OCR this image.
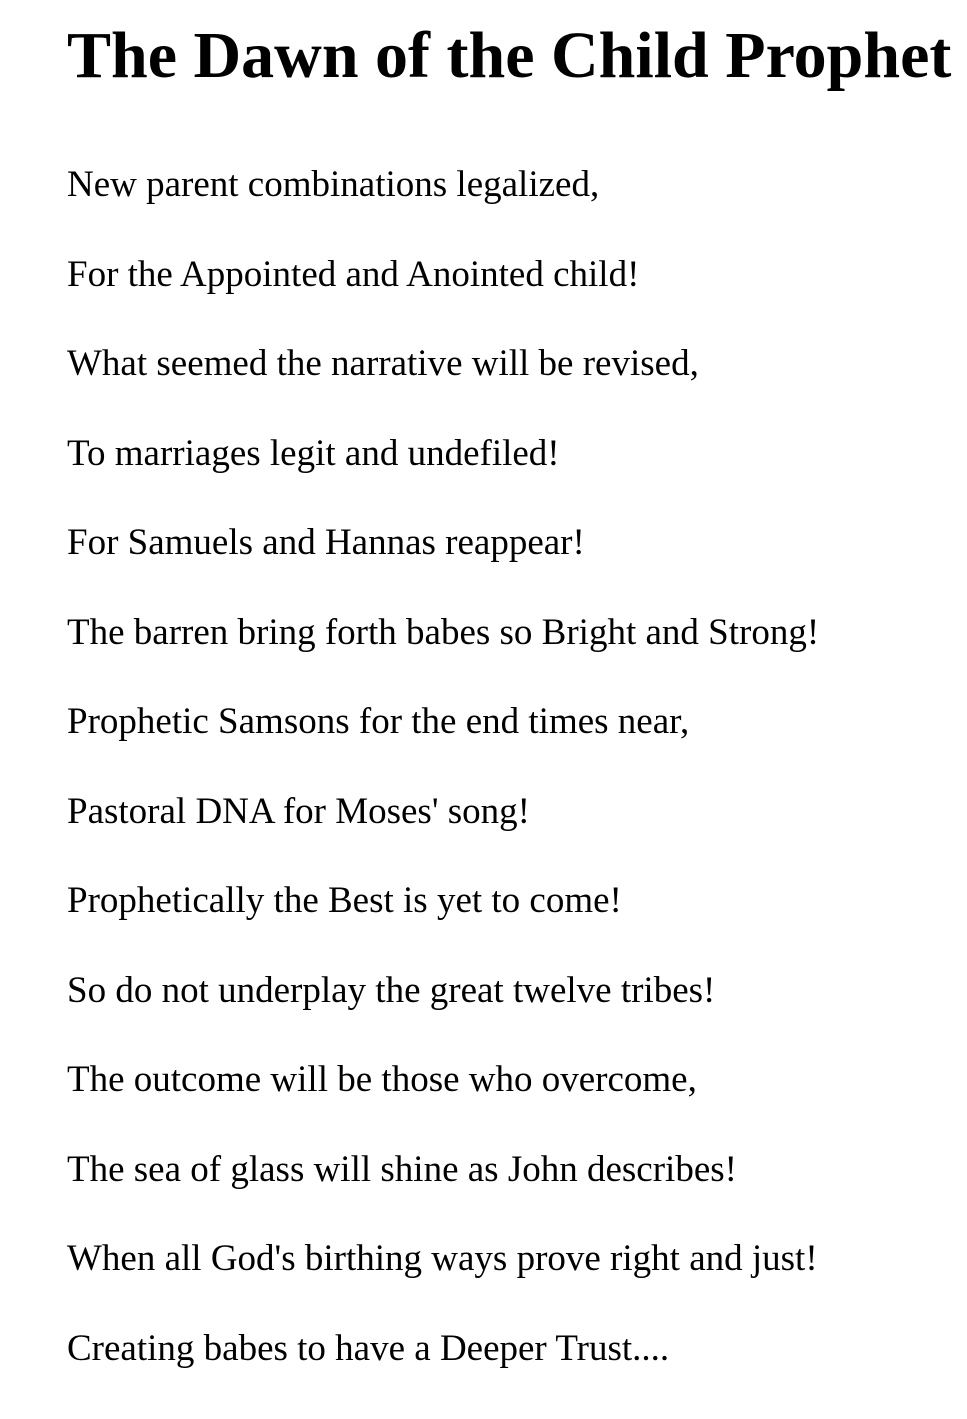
The Dawn of the Child Prophet
New parent combinations legalized,
For the Appointed and Anointed child!
What seemed the narrative will be revised,
To marriages legit and undefiled!
For Samuels and Hannas reappear!
The barren bring forth babes so Bright and Strong!
Prophetic Samsons for the end times near,
Pastoral DNA for Moses' song!
Prophetically the Best is yet to come!
So do not underplay the great twelve tribes!
The outcome will be those who overcome,
The sea of glass will shine as John describes!
When all God's birthing ways prove right and just!
Creating babes to have a Deeper Trust....
